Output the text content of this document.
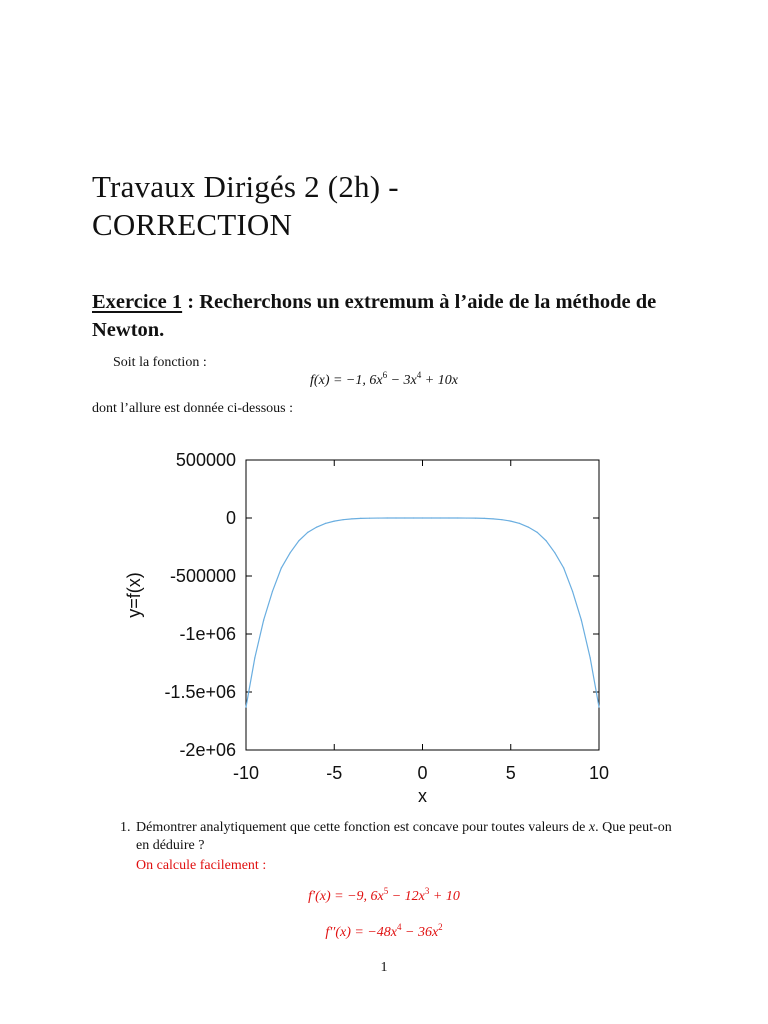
Travaux Dirigés 2 (2h) -
CORRECTION
Exercice 1 : Recherchons un extremum à l’aide de la méthode de Newton.
Soit la fonction :
f(x) = −1, $6x^6 - 3x^4 + 10x$
dont l’allure est donnée ci-dessous :
500000
0
-500000
-1e+06
-1.5e+06
-2e+06
-10	-5	0	5	10
x
y=f(x)
1. Démontrer analytiquement que cette fonction est concave pour toutes valeurs de x. Que peut-on en déduire ?
On calcule facilement :
f′(x) = −9, $6x^5 - 12x^3 + 10$
$f''(x) = -48x^4 - 36x^2$
1
